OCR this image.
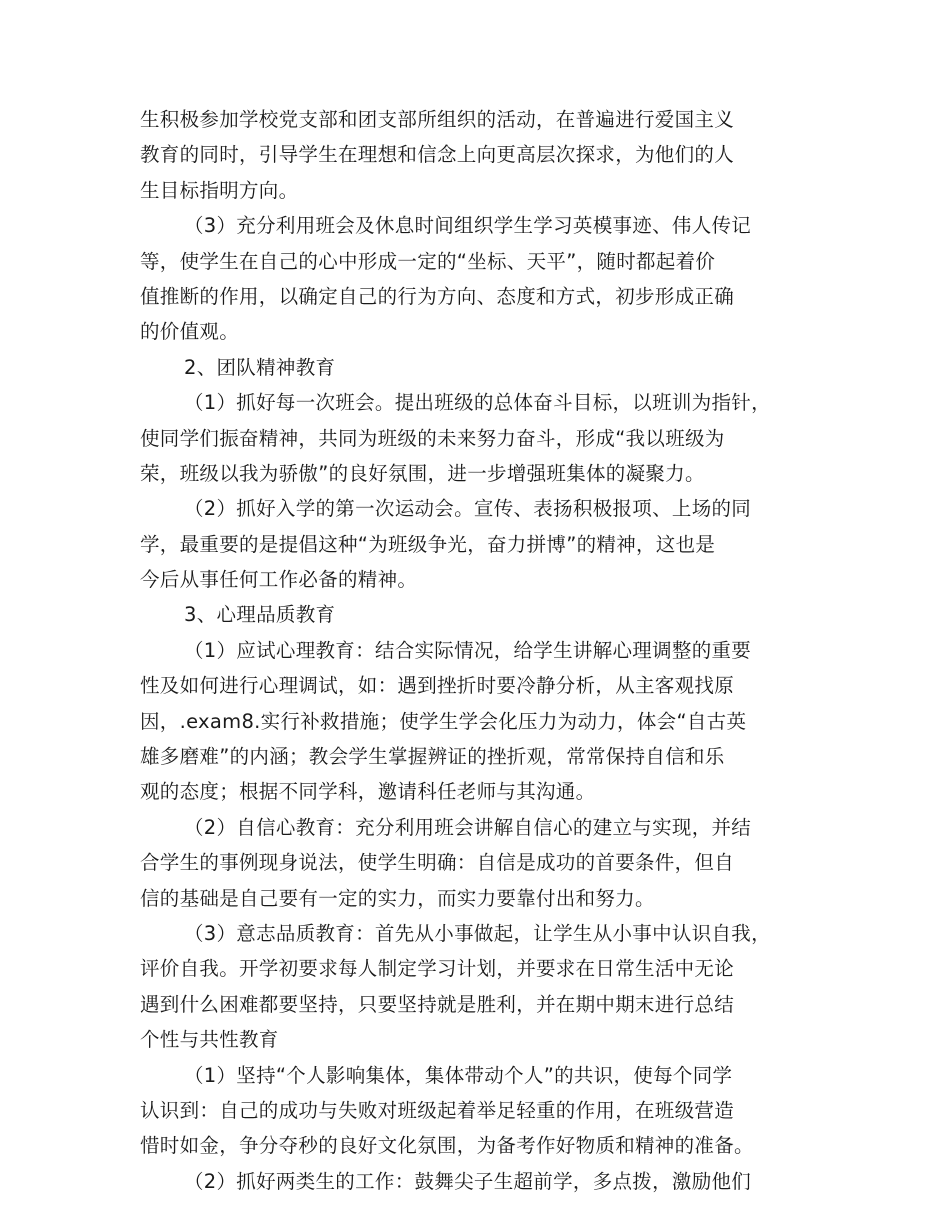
生积极参加学校党支部和团支部所组织的活动，在普遍进行爱国主义
教育的同时，引导学生在理想和信念上向更高层次探求，为他们的人
生目标指明方向。
（3）充分利用班会及休息时间组织学生学习英模事迹、伟人传记
等，使学生在自己的心中形成一定的“坐标、天平”，随时都起着价
值推断的作用，以确定自己的行为方向、态度和方式，初步形成正确
的价值观。
2、团队精神教育
（1）抓好每一次班会。提出班级的总体奋斗目标，以班训为指针，
使同学们振奋精神，共同为班级的未来努力奋斗，形成“我以班级为
荣，班级以我为骄傲”的良好氛围，进一步增强班集体的凝聚力。
（2）抓好入学的第一次运动会。宣传、表扬积极报项、上场的同
学，最重要的是提倡这种“为班级争光，奋力拼博”的精神，这也是
今后从事任何工作必备的精神。
3、心理品质教育
（1）应试心理教育：结合实际情况，给学生讲解心理调整的重要
性及如何进行心理调试，如：遇到挫折时要冷静分析，从主客观找原
因，.exam8.实行补救措施；使学生学会化压力为动力，体会“自古英
雄多磨难”的内涵；教会学生掌握辨证的挫折观，常常保持自信和乐
观的态度；根据不同学科，邀请科任老师与其沟通。
（2）自信心教育：充分利用班会讲解自信心的建立与实现，并结
合学生的事例现身说法，使学生明确：自信是成功的首要条件，但自
信的基础是自己要有一定的实力，而实力要靠付出和努力。
（3）意志品质教育：首先从小事做起，让学生从小事中认识自我，
评价自我。开学初要求每人制定学习计划，并要求在日常生活中无论
遇到什么困难都要坚持，只要坚持就是胜利，并在期中期末进行总结
个性与共性教育
（1）坚持“个人影响集体，集体带动个人”的共识，使每个同学
认识到：自己的成功与失败对班级起着举足轻重的作用，在班级营造
惜时如金，争分夺秒的良好文化氛围，为备考作好物质和精神的准备。
（2）抓好两类生的工作：鼓舞尖子生超前学，多点拨，激励他们
